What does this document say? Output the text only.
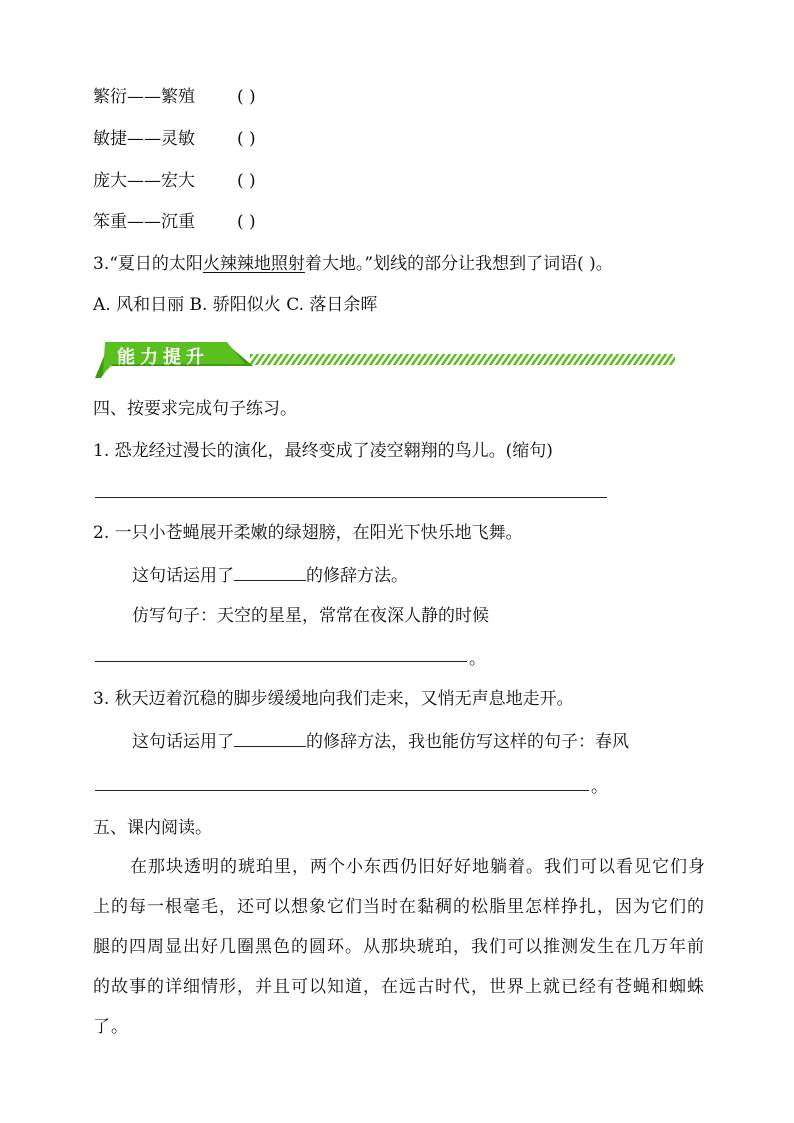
繁衍——繁殖 ( )
敏捷——灵敏 ( )
庞大——宏大 ( )
笨重——沉重 ( )
3.“夏日的太阳火辣辣地照射着大地。”划线的部分让我想到了词语( )。
A. 风和日丽 B. 骄阳似火 C. 落日余晖
能力提升
四、按要求完成句子练习。
1. 恐龙经过漫长的演化，最终变成了凌空翱翔的鸟儿。(缩句)
2. 一只小苍蝇展开柔嫩的绿翅膀，在阳光下快乐地飞舞。
这句话运用了	的修辞方法。
仿写句子：天空的星星，常常在夜深人静的时候
。
3. 秋天迈着沉稳的脚步缓缓地向我们走来，又悄无声息地走开。
这句话运用了	的修辞方法，我也能仿写这样的句子：春风
。
五、课内阅读。
在那块透明的琥珀里，两个小东西仍旧好好地躺着。我们可以看见它们身上的每一根毫毛，还可以想象它们当时在黏稠的松脂里怎样挣扎，因为它们的腿的四周显出好几圈黑色的圆环。从那块琥珀，我们可以推测发生在几万年前的故事的详细情形，并且可以知道，在远古时代，世界上就已经有苍蝇和蜘蛛了。
